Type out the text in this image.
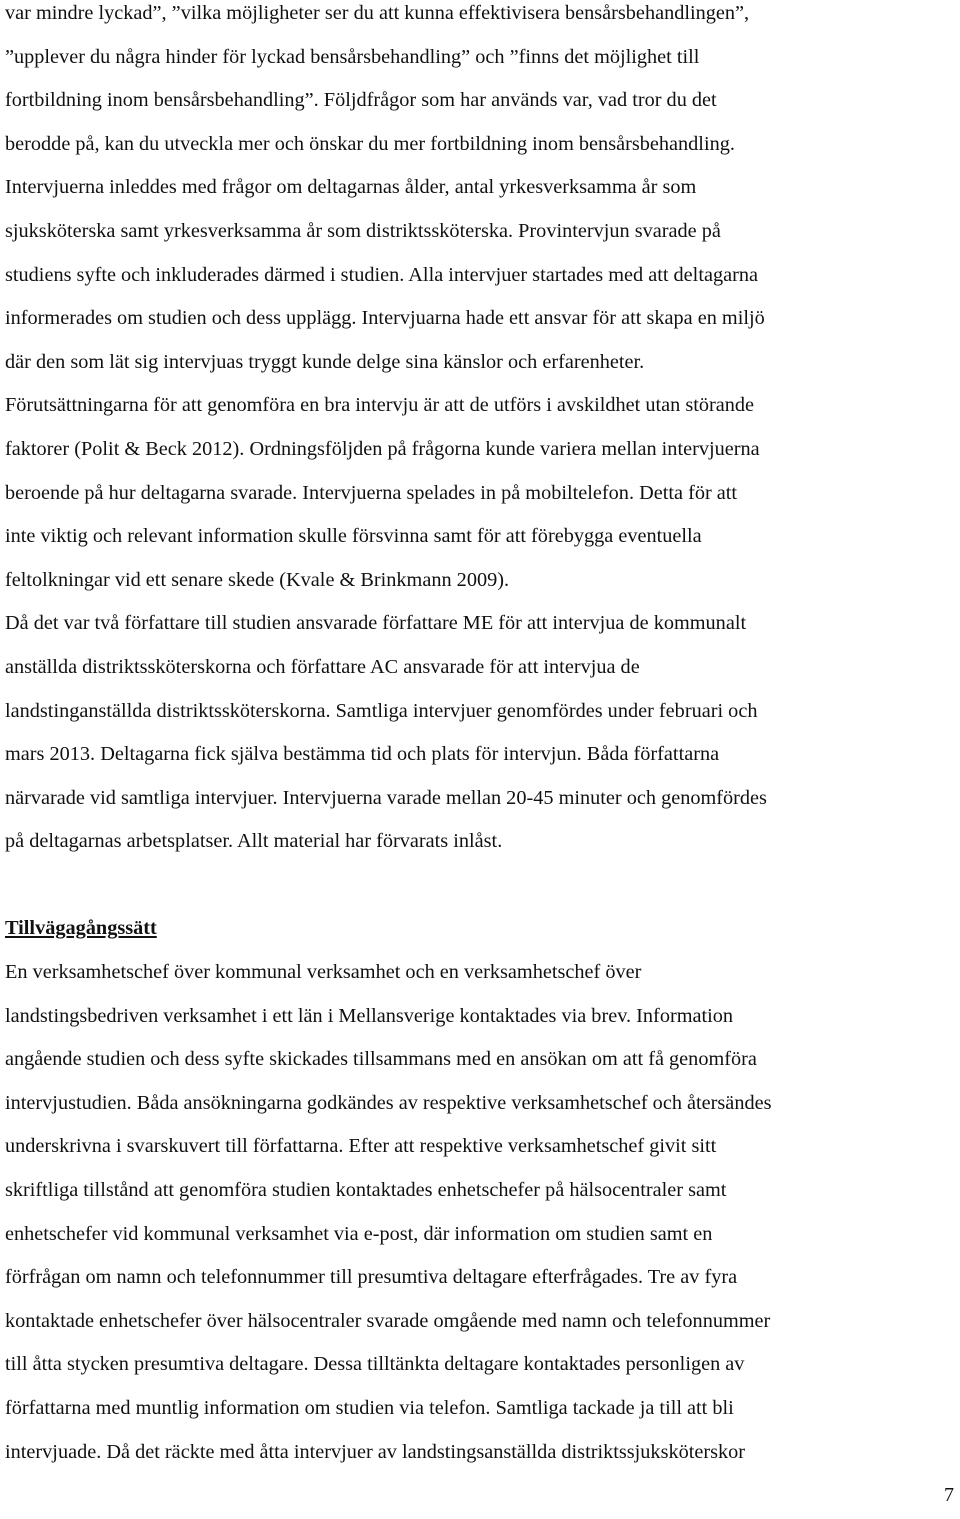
var mindre lyckad”, ”vilka möjligheter ser du att kunna effektivisera bensårsbehandlingen”,
”upplever du några hinder för lyckad bensårsbehandling” och ”finns det möjlighet till
fortbildning inom bensårsbehandling”. Följdfrågor som har används var, vad tror du det
berodde på, kan du utveckla mer och önskar du mer fortbildning inom bensårsbehandling.
Intervjuerna inleddes med frågor om deltagarnas ålder, antal yrkesverksamma år som
sjuksköterska samt yrkesverksamma år som distriktssköterska. Provintervjun svarade på
studiens syfte och inkluderades därmed i studien. Alla intervjuer startades med att deltagarna
informerades om studien och dess upplägg. Intervjuarna hade ett ansvar för att skapa en miljö
där den som lät sig intervjuas tryggt kunde delge sina känslor och erfarenheter.
Förutsättningarna för att genomföra en bra intervju är att de utförs i avskildhet utan störande
faktorer (Polit & Beck 2012). Ordningsföljden på frågorna kunde variera mellan intervjuerna
beroende på hur deltagarna svarade. Intervjuerna spelades in på mobiltelefon. Detta för att
inte viktig och relevant information skulle försvinna samt för att förebygga eventuella
feltolkningar vid ett senare skede (Kvale & Brinkmann 2009).

Då det var två författare till studien ansvarade författare ME för att intervjua de kommunalt
anställda distriktssköterskorna och författare AC ansvarade för att intervjua de
landstinganställda distriktssköterskorna. Samtliga intervjuer genomfördes under februari och
mars 2013. Deltagarna fick själva bestämma tid och plats för intervjun. Båda författarna
närvarade vid samtliga intervjuer. Intervjuerna varade mellan 20-45 minuter och genomfördes
på deltagarnas arbetsplatser. Allt material har förvarats inlåst.

Tillvägagångssätt

En verksamhetschef över kommunal verksamhet och en verksamhetschef över
landstingsbedriven verksamhet i ett län i Mellansverige kontaktades via brev. Information
angående studien och dess syfte skickades tillsammans med en ansökan om att få genomföra
intervjustudien. Båda ansökningarna godkändes av respektive verksamhetschef och återsändes
underskrivna i svarskuvert till författarna. Efter att respektive verksamhetschef givit sitt
skriftliga tillstånd att genomföra studien kontaktades enhetschefer på hälsocentraler samt
enhetschefer vid kommunal verksamhet via e-post, där information om studien samt en
förfrågan om namn och telefonnummer till presumtiva deltagare efterfrågades. Tre av fyra
kontaktade enhetschefer över hälsocentraler svarade omgående med namn och telefonnummer
till åtta stycken presumtiva deltagare. Dessa tilltänkta deltagare kontaktades personligen av
författarna med muntlig information om studien via telefon. Samtliga tackade ja till att bli
intervjuade. Då det räckte med åtta intervjuer av landstingsanställda distriktssjuksköterskor

7
